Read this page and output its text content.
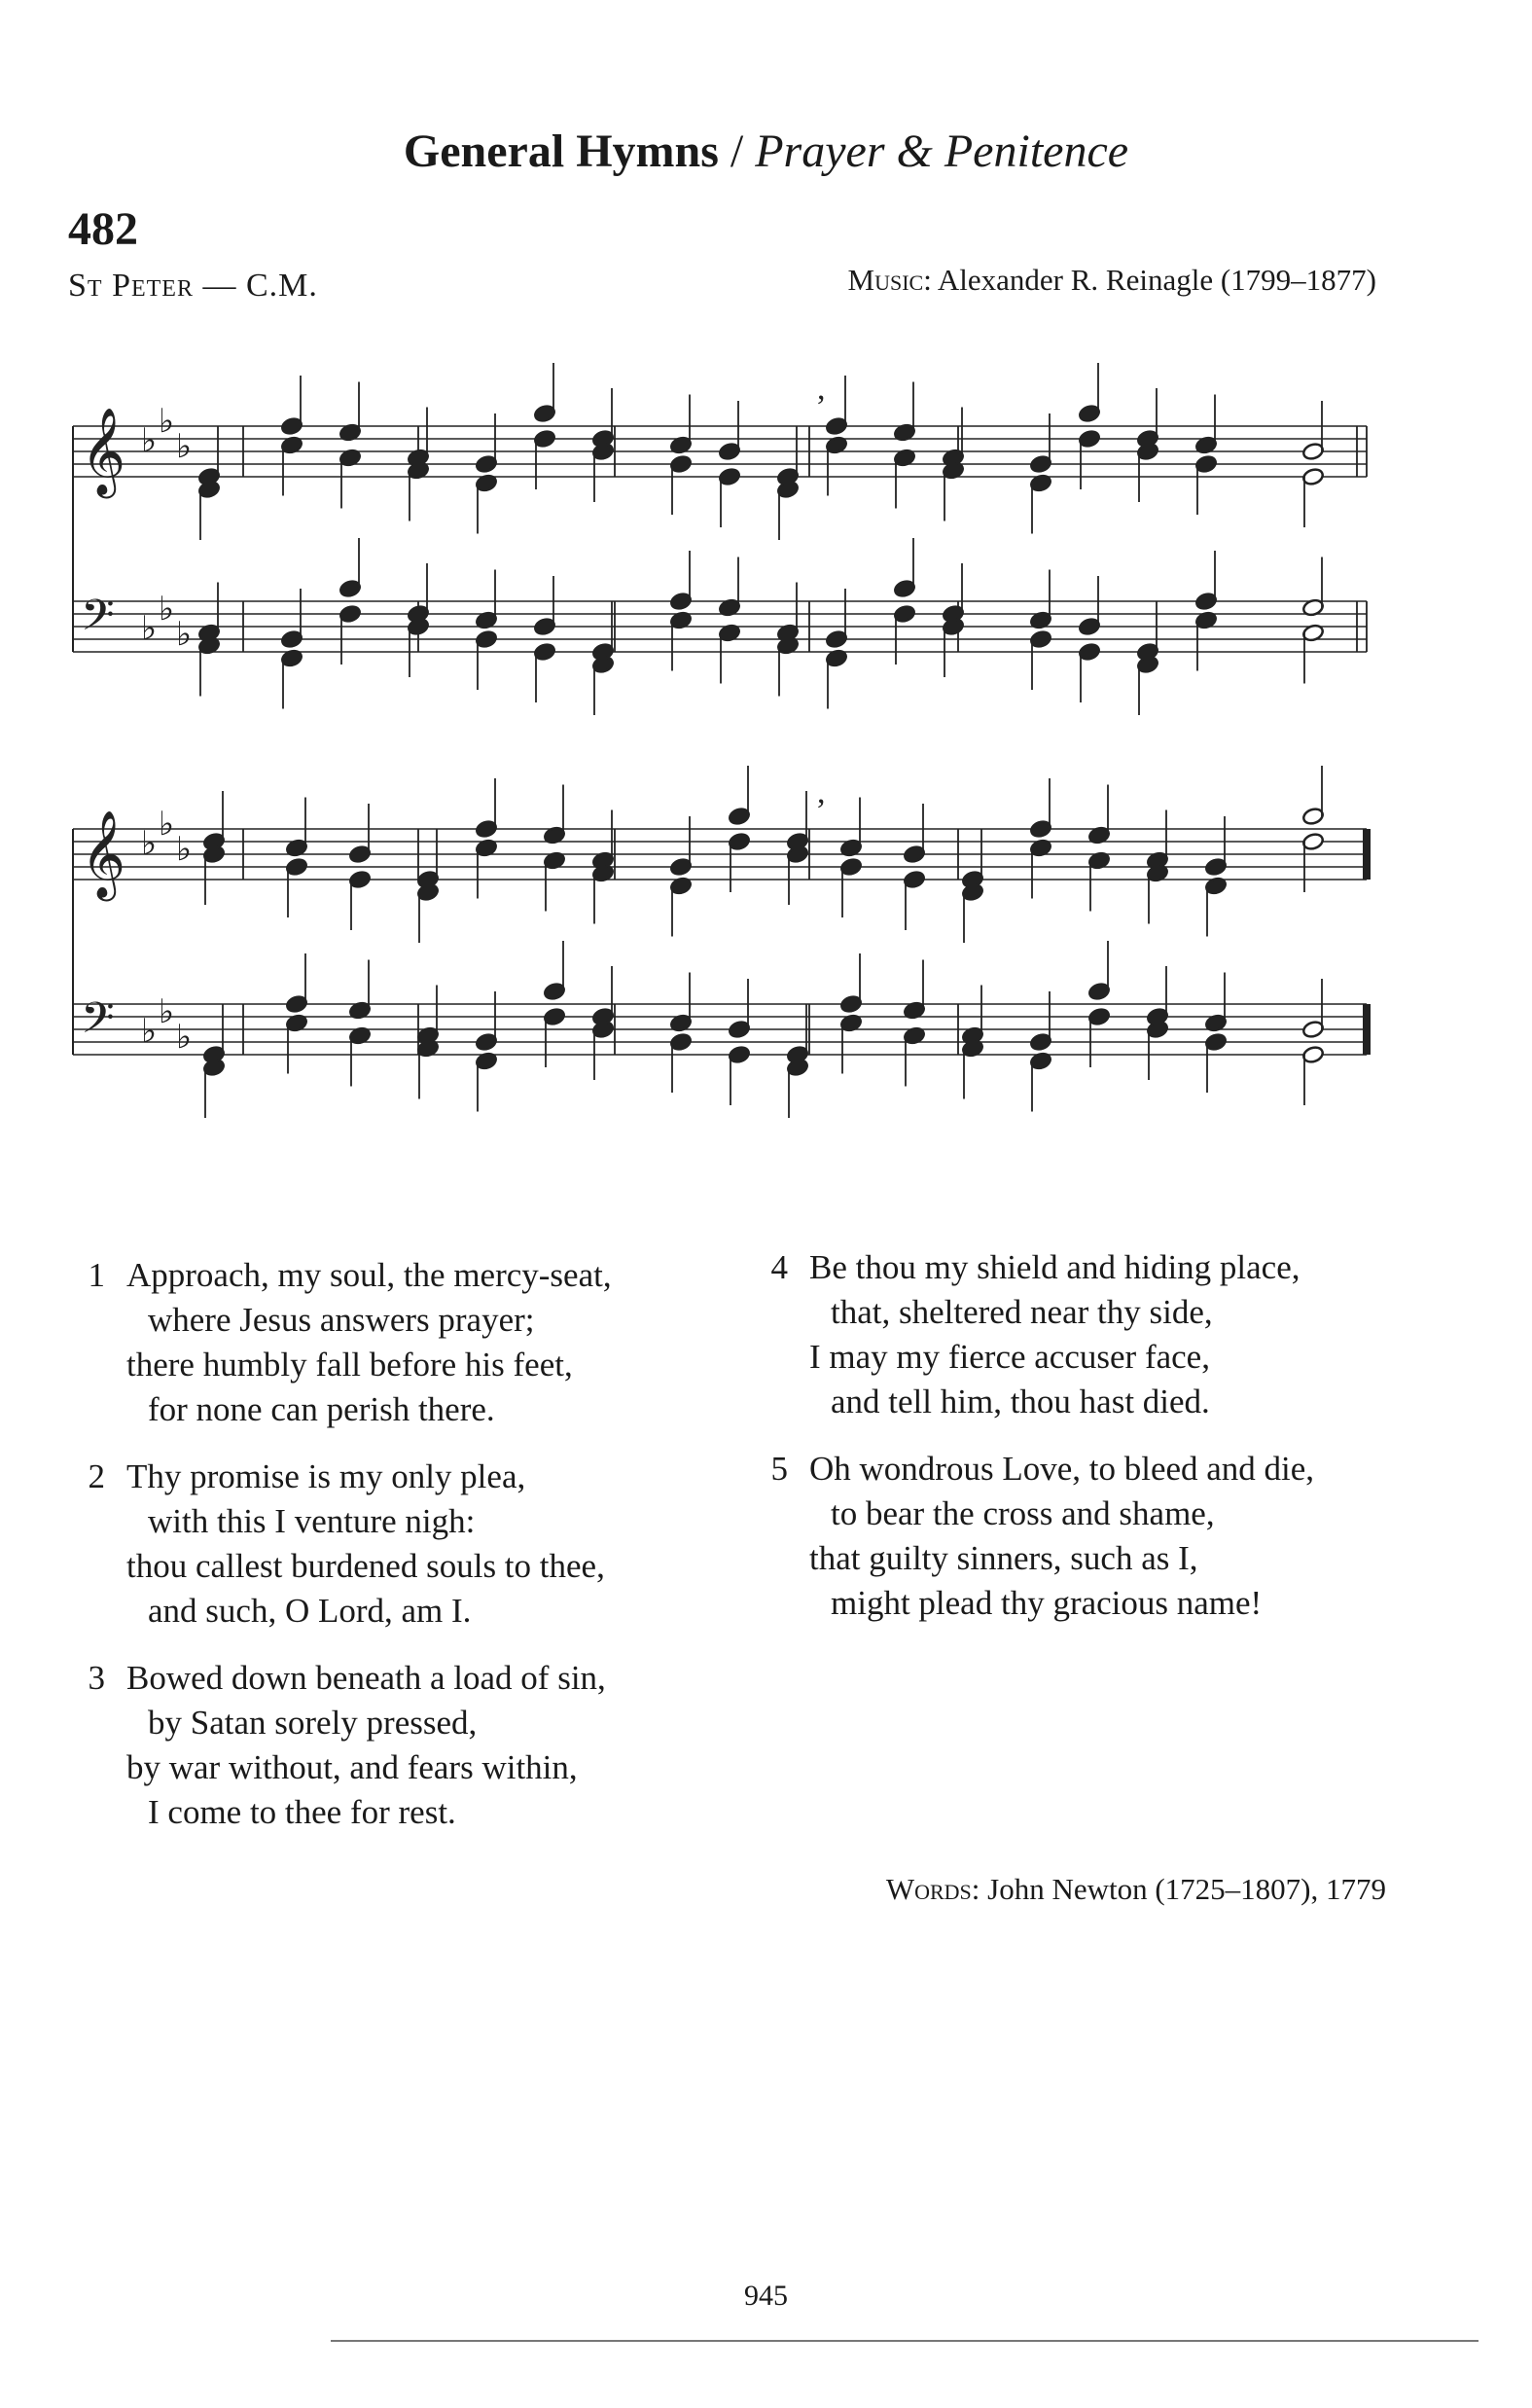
General Hymns / Prayer & Penitence
482
St Peter — C.M.	Music: Alexander R. Reinagle (1799–1877)
𝄞 ♭ ♭
♭
𝄢 ♭ ♭
♭
𝄞 ♭ ♭
♭
𝄢 ♭ ♭
♭
,
,
1 Approach, my soul, the mercy-seat,
where Jesus answers prayer;
there humbly fall before his feet,
for none can perish there.
2 Thy promise is my only plea,
with this I venture nigh:
thou callest burdened souls to thee,
and such, O Lord, am I.
3 Bowed down beneath a load of sin,
by Satan sorely pressed,
by war without, and fears within,
I come to thee for rest.
4 Be thou my shield and hiding place,
that, sheltered near thy side,
I may my fierce accuser face,
and tell him, thou hast died.
5 Oh wondrous Love, to bleed and die,
to bear the cross and shame,
that guilty sinners, such as I,
might plead thy gracious name!
Words: John Newton (1725–1807), 1779
945
